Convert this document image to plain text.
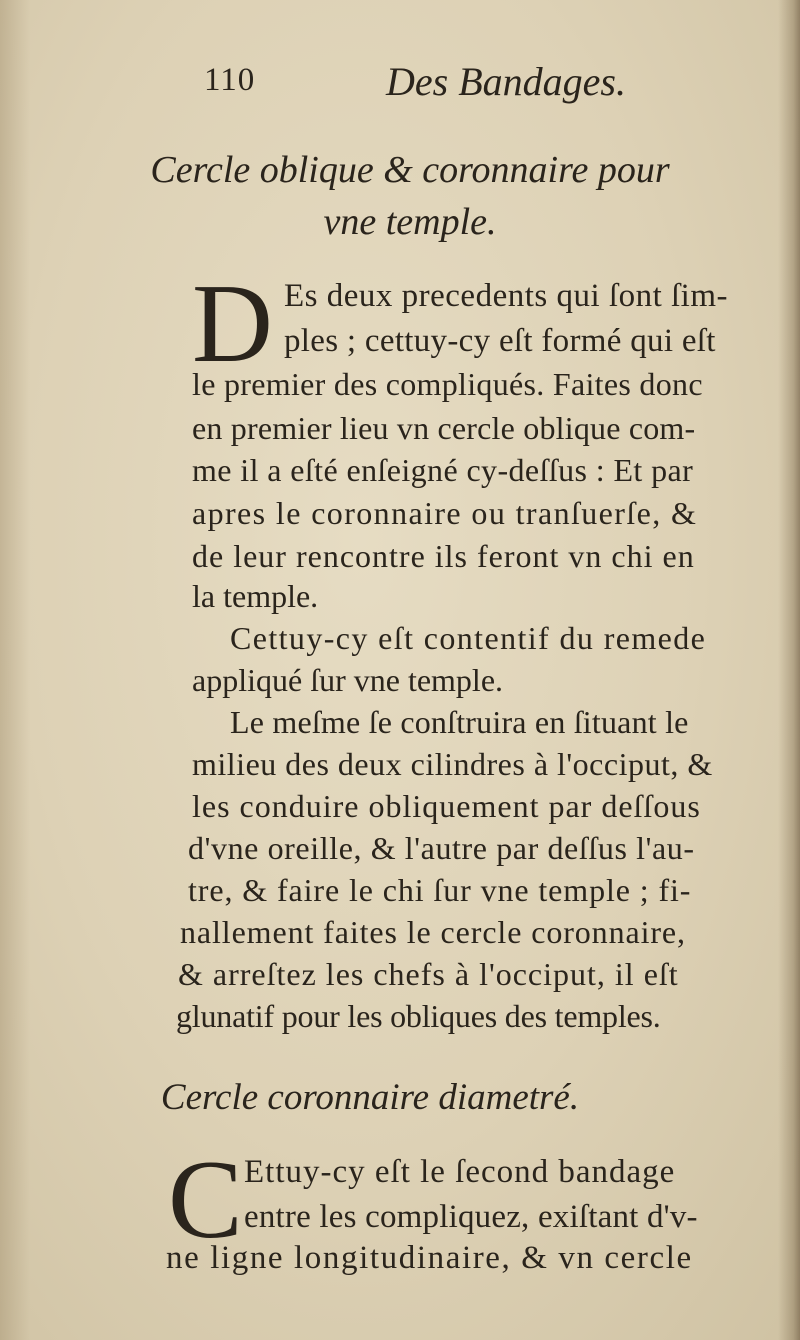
110	Des Bandages.
Cercle oblique & coronnaire pour
vne temple.
D Es deux precedents qui ſont ſim-
ples ; cettuy-cy eſt formé qui eſt
le premier des compliqués. Faites donc
en premier lieu vn cercle oblique com-
me il a eſté enſeigné cy-deſſus : Et par
apres le coronnaire ou tranſuerſe, &
de leur rencontre ils feront vn chi en
la temple.
Cettuy-cy eſt contentif du remede
appliqué ſur vne temple.
Le meſme ſe conſtruira en ſituant le
milieu des deux cilindres à l'occiput, &
les conduire obliquement par deſſous
d'vne oreille, & l'autre par deſſus l'au-
tre, & faire le chi ſur vne temple ; fi-
nallement faites le cercle coronnaire,
& arreſtez les chefs à l'occiput, il eſt
glunatif pour les obliques des temples.
Cercle coronnaire diametré.
C Ettuy-cy eſt le ſecond bandage
entre les compliquez, exiſtant d'v-
ne ligne longitudinaire, & vn cercle
